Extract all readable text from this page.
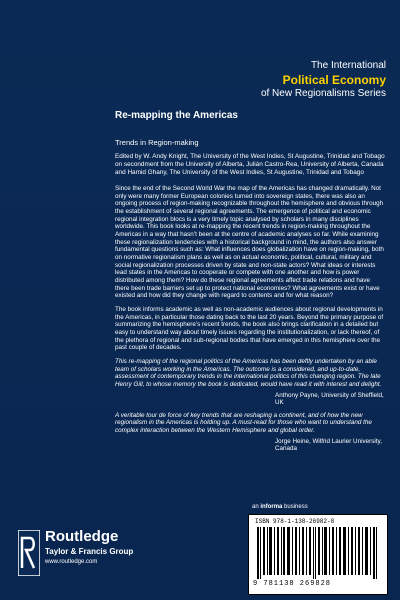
The International
Political Economy
of New Regionalisms Series
Re-mapping the Americas
Trends in Region-making
Edited by W. Andy Knight, The University of the West Indies, St Augustine, Trinidad and Tobago on secondment from the University of Alberta, Julián Castro-Rea, University of Alberta, Canada and Hamid Ghany, The University of the West Indies, St Augustine, Trinidad and Tobago
Since the end of the Second World War the map of the Americas has changed dramatically. Not only were many former European colonies turned into sovereign states, there was also an ongoing process of region-making recognizable throughout the hemisphere and obvious through the establishment of several regional agreements. The emergence of political and economic regional integration blocs is a very timely topic analysed by scholars in many disciplines worldwide. This book looks at re-mapping the recent trends in region-making throughout the Americas in a way that hasn’t been at the centre of academic analyses so far. While examining these regionalization tendencies with a historical background in mind, the authors also answer fundamental questions such as: What influences does globalization have on region-making, both on normative regionalism plans as well as on actual economic, political, cultural, military and social regionalization processes driven by state and non-state actors? What ideas or interests lead states in the Americas to cooperate or compete with one another and how is power distributed among them? How do these regional agreements affect trade relations and have there been trade barriers set up to protect national economies? What agreements exist or have existed and how did they change with regard to contents and for what reason?
The book informs academic as well as non-academic audiences about regional developments in the Americas, in particular those dating back to the last 20 years. Beyond the primary purpose of summarizing the hemisphere’s recent trends, the book also brings clarification in a detailed but easy to understand way about timely issues regarding the institutionalization, or lack thereof, of the plethora of regional and sub-regional bodies that have emerged in this hemisphere over the past couple of decades.
This re-mapping of the regional politics of the Americas has been deftly undertaken by an able team of scholars working in the Americas. The outcome is a considered, and up-to-date, assessment of contemporary trends in the international politics of this changing region. The late Henry Gill, to whose memory the book is dedicated, would have read it with interest and delight.
Anthony Payne, University of Sheffield, UK
A veritable tour de force of key trends that are reshaping a continent, and of how the new regionalism in the Americas is holding up. A must-read for those who want to understand the complex interaction between the Western Hemisphere and global order.
Jorge Heine, Wilfrid Laurier University, Canada
an informa business
ISBN 978-1-138-26982-8
9 781138 269828
Routledge
Taylor & Francis Group
www.routledge.com
